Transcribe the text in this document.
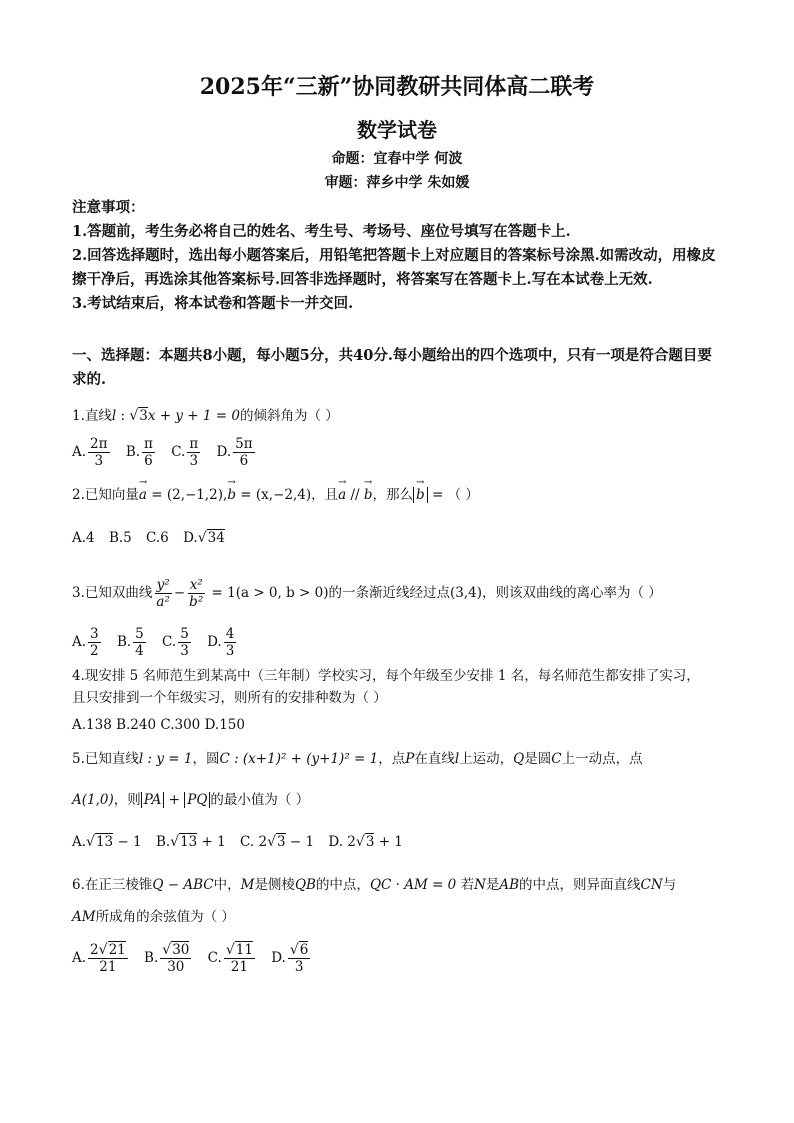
2025年“三新”协同教研共同体高二联考
数学试卷
命题：宜春中学 何波
审题：萍乡中学 朱如媛

注意事项：

1.答题前，考生务必将自己的姓名、考生号、考场号、座位号填写在答题卡上.

2.回答选择题时，选出每小题答案后，用铅笔把答题卡上对应题目的答案标号涂黑.如需改动，用橡皮擦干净后，再选涂其他答案标号.回答非选择题时，将答案写在答题卡上.写在本试卷上无效.

3.考试结束后，将本试卷和答题卡一并交回.

一、选择题：本题共8小题，每小题5分，共40分.每小题给出的四个选项中，只有一项是符合题目要求的.
1.直线l : √3x + y + 1 = 0的倾斜角为（ ）
A. $\frac{2\pi}{3} B$. $\frac{\pi}{6} C$. $\frac{\pi}{3} D$. $\frac{5\pi}{6}$
2.已知向量→ a = (2,−1,2),→ b = (x,−2,4)，且→ a // → b，那么→ b = （ ）
A.4 B.5 C.6 D.√34
3.已知双曲线 $\frac{\text{y²}}{\text{a²}} - \frac{\text{x²}}{\text{b²}} = 1(a > 0$, b > 0)的一条渐近线经过点(3,4)，则该双曲线的离心率为（ ）
A. $\frac{3}{2} B$. $\frac{5}{4} C$. $\frac{5}{3} D$. $\frac{4}{3}$
4.现安排 5 名师范生到某高中（三年制）学校实习，每个年级至少安排 1 名，每名师范生都安排了实习，
且只安排到一个年级实习，则所有的安排种数为（ ）
A.138 B.240 C.300 D.150
5.已知直线l : y = 1，圆C : (x+1)² + (y+1)² = 1，点P在直线l上运动，Q是圆C上一动点，点
A(1,0)，则 PA + PQ 的最小值为（ ）
A.√13 − 1 B.√13 + 1 C. 2√3 − 1 D. 2√3 + 1
6.在正三棱锥Q − ABC中，M是侧棱QB的中点，QC · AM = 0 若N是AB的中点，则异面直线CN与
AM所成角的余弦值为（ ）
A. $\frac{2√21}{21} B$. $\frac{√30}{30} C$. $\frac{√11}{21} D$. $\frac{√6}{3}$
